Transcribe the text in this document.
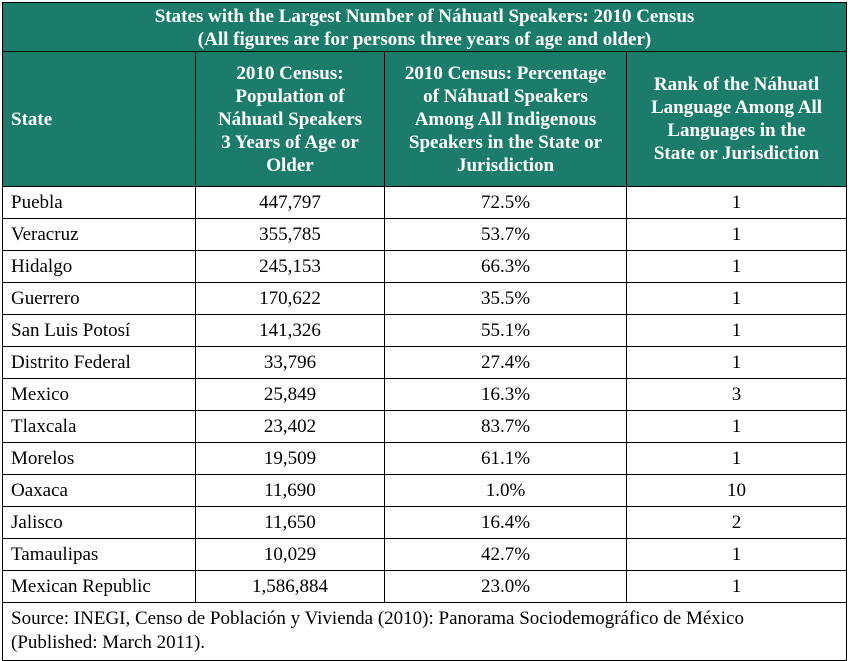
States with the Largest Number of Náhuatl Speakers: 2010 Census
(All figures are for persons three years of age and older)			

State	2010 Census:
Population of
Náhuatl Speakers
3 Years of Age or
Older	2010 Census: Percentage
of Náhuatl Speakers
Among All Indigenous
Speakers in the State or
Jurisdiction	Rank of the Náhuatl
Language Among All
Languages in the
State or Jurisdiction

Puebla	447,797	72.5%	1
Veracruz	355,785	53.7%	1
Hidalgo	245,153	66.3%	1
Guerrero	170,622	35.5%	1
San Luis Potosí	141,326	55.1%	1
Distrito Federal	33,796	27.4%	1
Mexico	25,849	16.3%	3
Tlaxcala	23,402	83.7%	1
Morelos	19,509	61.1%	1
Oaxaca	11,690	1.0%	10
Jalisco	11,650	16.4%	2
Tamaulipas	10,029	42.7%	1
Mexican Republic	1,586,884	23.0%	1

Source: INEGI, Censo de Población y Vivienda (2010): Panorama Sociodemográfico de México
(Published: March 2011).			
